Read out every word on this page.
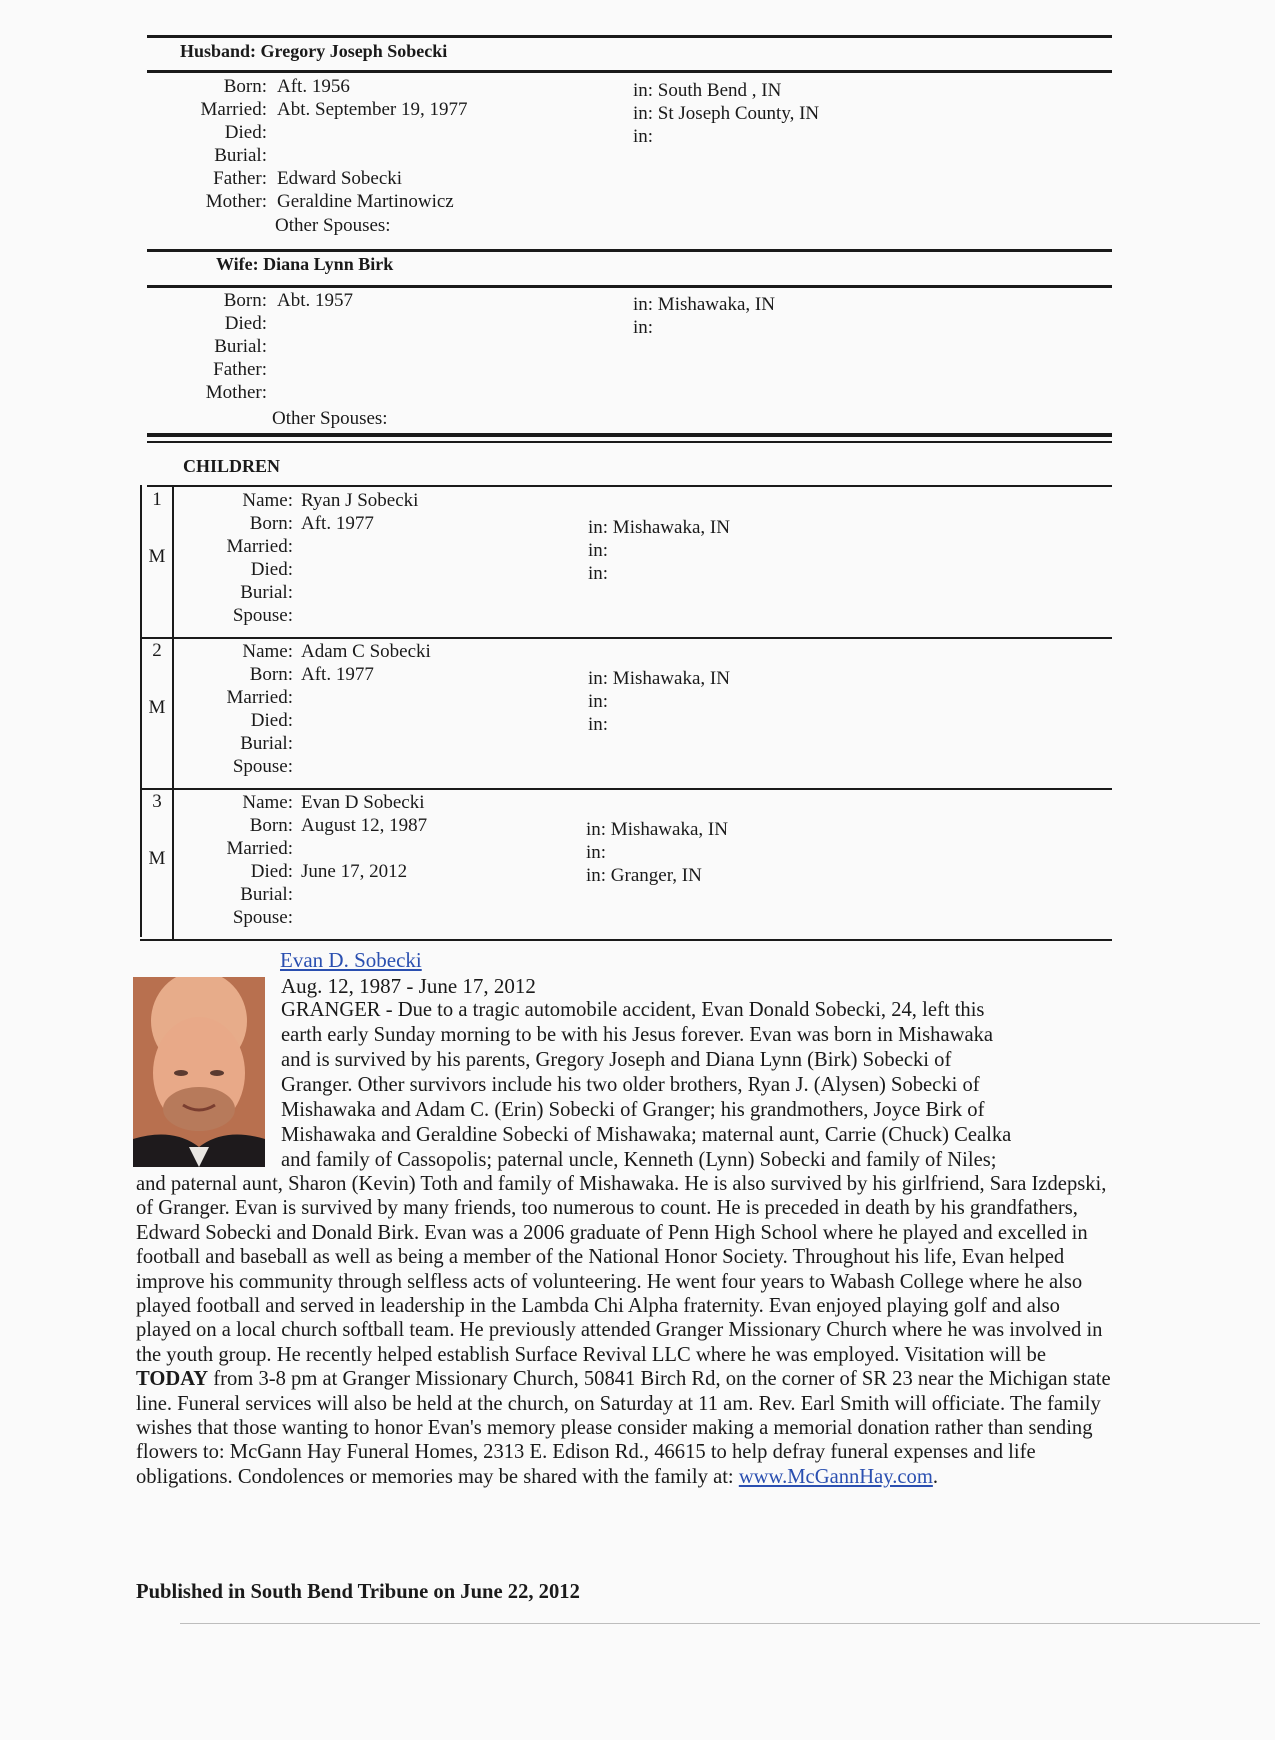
Husband: Gregory Joseph Sobecki
Born: Aft. 1956	in: South Bend , IN
Married: Abt. September 19, 1977	in: St Joseph County, IN
Died:	in:
Burial:
Father: Edward Sobecki
Mother: Geraldine Martinowicz
Other Spouses:
Wife: Diana Lynn Birk
Born: Abt. 1957	in: Mishawaka, IN
Died:	in:
Burial:
Father:
Mother:
Other Spouses:
CHILDREN
1
M
Name: Ryan J Sobecki
Born: Aft. 1977	in: Mishawaka, IN
Married:	in:
Died:	in:
Burial:
Spouse:
2
M
Name: Adam C Sobecki
Born: Aft. 1977	in: Mishawaka, IN
Married:	in:
Died:	in:
Burial:
Spouse:
3
M
Name: Evan D Sobecki
Born: August 12, 1987	in: Mishawaka, IN
Married:	in:
Died: June 17, 2012	in: Granger, IN
Burial:
Spouse:
Evan D. Sobecki
Aug. 12, 1987 - June 17, 2012
GRANGER - Due to a tragic automobile accident, Evan Donald Sobecki, 24, left this
earth early Sunday morning to be with his Jesus forever. Evan was born in Mishawaka
and is survived by his parents, Gregory Joseph and Diana Lynn (Birk) Sobecki of
Granger. Other survivors include his two older brothers, Ryan J. (Alysen) Sobecki of
Mishawaka and Adam C. (Erin) Sobecki of Granger; his grandmothers, Joyce Birk of
Mishawaka and Geraldine Sobecki of Mishawaka; maternal aunt, Carrie (Chuck) Cealka
and family of Cassopolis; paternal uncle, Kenneth (Lynn) Sobecki and family of Niles;

and paternal aunt, Sharon (Kevin) Toth and family of Mishawaka. He is also survived by his girlfriend, Sara Izdepski, of Granger. Evan is survived by many friends, too numerous to count. He is preceded in death by his grandfathers, Edward Sobecki and Donald Birk. Evan was a 2006 graduate of Penn High School where he played and excelled in football and baseball as well as being a member of the National Honor Society. Throughout his life, Evan helped improve his community through selfless acts of volunteering. He went four years to Wabash College where he also played football and served in leadership in the Lambda Chi Alpha fraternity. Evan enjoyed playing golf and also played on a local church softball team. He previously attended Granger Missionary Church where he was involved in the youth group. He recently helped establish Surface Revival LLC where he was employed. Visitation will be TODAY from 3-8 pm at Granger Missionary Church, 50841 Birch Rd, on the corner of SR 23 near the Michigan state line. Funeral services will also be held at the church, on Saturday at 11 am. Rev. Earl Smith will officiate. The family wishes that those wanting to honor Evan's memory please consider making a memorial donation rather than sending flowers to: McGann Hay Funeral Homes, 2313 E. Edison Rd., 46615 to help defray funeral expenses and life obligations. Condolences or memories may be shared with the family at: www.McGannHay.com.

Published in South Bend Tribune on June 22, 2012
